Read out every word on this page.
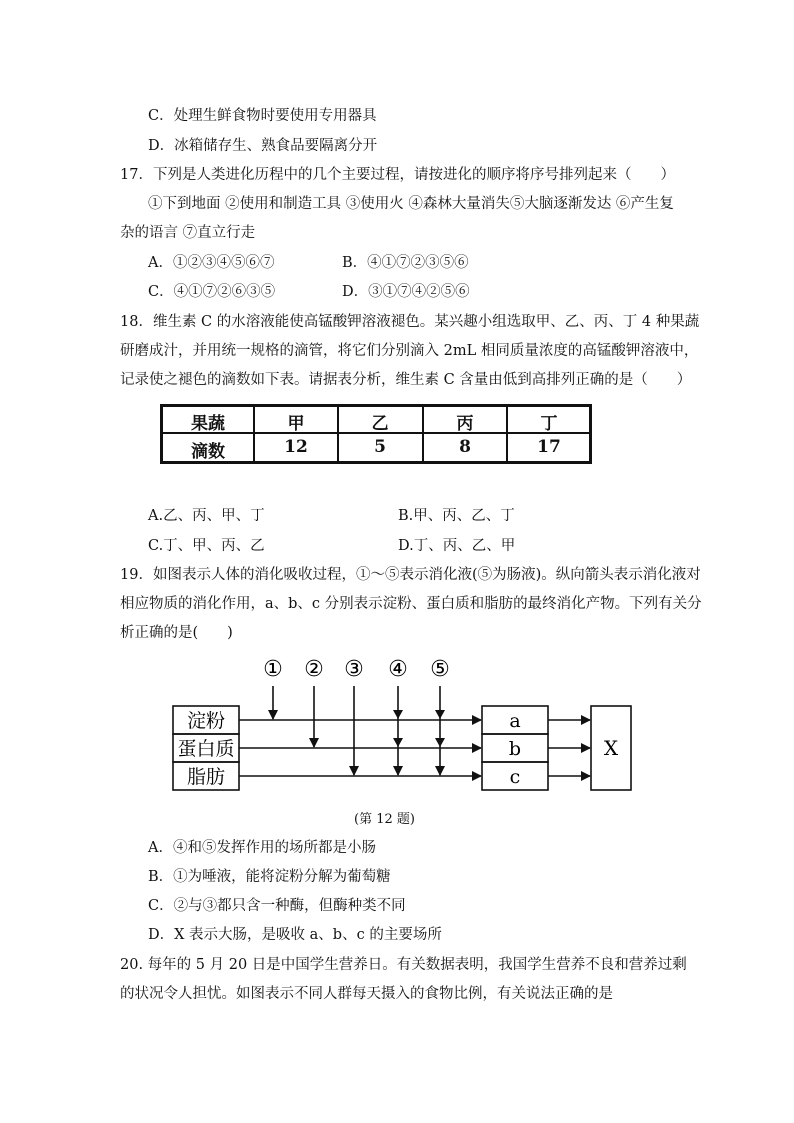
C．处理生鲜食物时要使用专用器具
D．冰箱储存生、熟食品要隔离分开
17．下列是人类进化历程中的几个主要过程，请按进化的顺序将序号排列起来（　　）
①下到地面 ②使用和制造工具 ③使用火 ④森林大量消失⑤大脑逐渐发达 ⑥产生复
杂的语言 ⑦直立行走
A．①②③④⑤⑥⑦	B．④①⑦②③⑤⑥
C．④①⑦②⑥③⑤	D．③①⑦④②⑤⑥
18．维生素 C 的水溶液能使高锰酸钾溶液褪色。某兴趣小组选取甲、乙、丙、丁 4 种果蔬
研磨成汁，并用统一规格的滴管，将它们分别滴入 2mL 相同质量浓度的高锰酸钾溶液中，
记录使之褪色的滴数如下表。请据表分析，维生素 C 含量由低到高排列正确的是（　　）
果蔬	甲	乙	丙	丁
滴数	12	5	8	17
A.乙、丙、甲、丁	B.甲、丙、乙、丁
C.丁、甲、丙、乙	D.丁、丙、乙、甲
19．如图表示人体的消化吸收过程，①～⑤表示消化液(⑤为肠液)。纵向箭头表示消化液对
相应物质的消化作用，a、b、c 分别表示淀粉、蛋白质和脂肪的最终消化产物。下列有关分
析正确的是(　　)
① ② ③ ④ ⑤
淀粉
蛋白质
脂肪
a
b
c
X
(第 12 题)
A．④和⑤发挥作用的场所都是小肠
B．①为唾液，能将淀粉分解为葡萄糖
C．②与③都只含一种酶，但酶种类不同
D．X 表示大肠，是吸收 a、b、c 的主要场所
20. 每年的 5 月 20 日是中国学生营养日。有关数据表明，我国学生营养不良和营养过剩
的状况令人担忧。如图表示不同人群每天摄入的食物比例，有关说法正确的是
